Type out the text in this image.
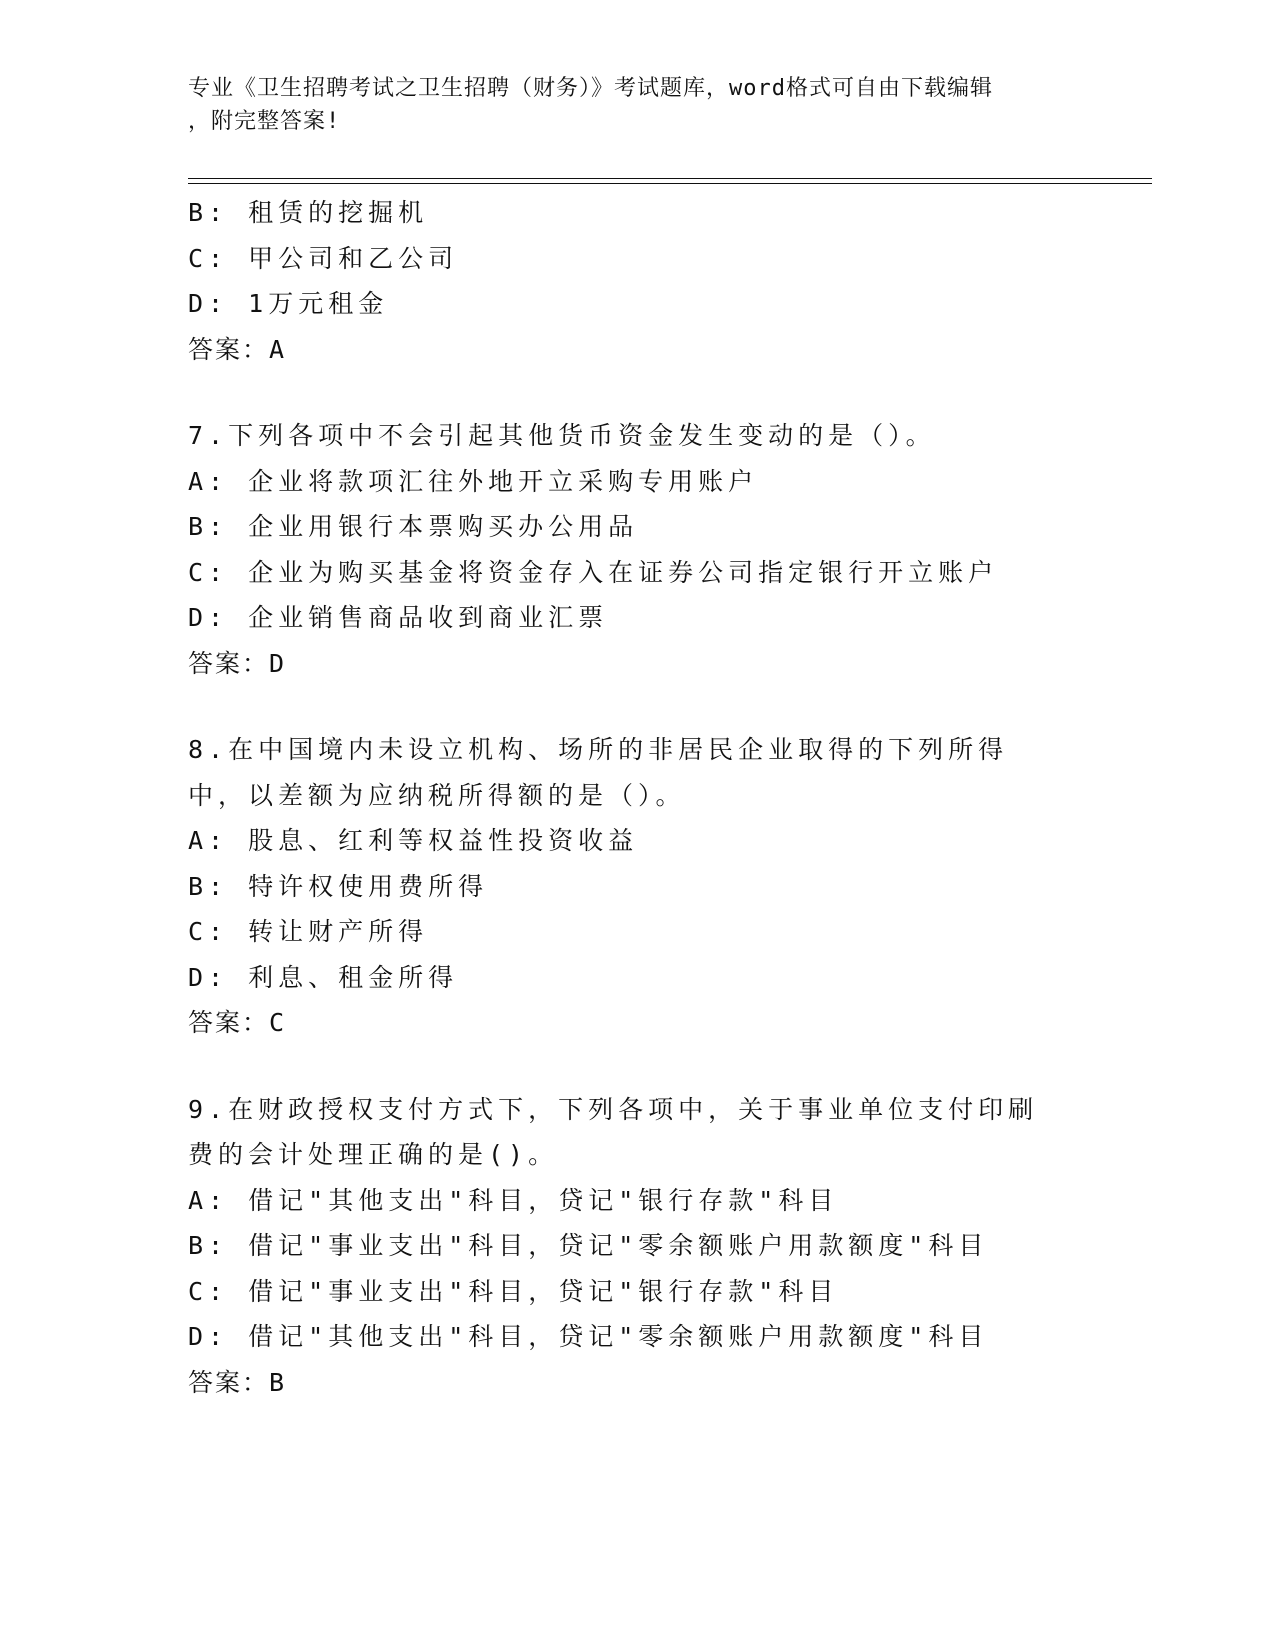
专业《卫生招聘考试之卫生招聘（财务）》考试题库，word格式可自由下载编辑
，附完整答案!
B: 租赁的挖掘机
C: 甲公司和乙公司
D: 1万元租金
答案：A
7.下列各项中不会引起其他货币资金发生变动的是（）。
A: 企业将款项汇往外地开立采购专用账户
B: 企业用银行本票购买办公用品
C: 企业为购买基金将资金存入在证券公司指定银行开立账户
D: 企业销售商品收到商业汇票
答案：D
8.在中国境内未设立机构、场所的非居民企业取得的下列所得中，以差额为应纳税所得额的是（）。
A: 股息、红利等权益性投资收益
B: 特许权使用费所得
C: 转让财产所得
D: 利息、租金所得
答案：C
9.在财政授权支付方式下，下列各项中，关于事业单位支付印刷费的会计处理正确的是()。
A: 借记"其他支出"科目，贷记"银行存款"科目
B: 借记"事业支出"科目，贷记"零余额账户用款额度"科目
C: 借记"事业支出"科目，贷记"银行存款"科目
D: 借记"其他支出"科目，贷记"零余额账户用款额度"科目
答案：B
